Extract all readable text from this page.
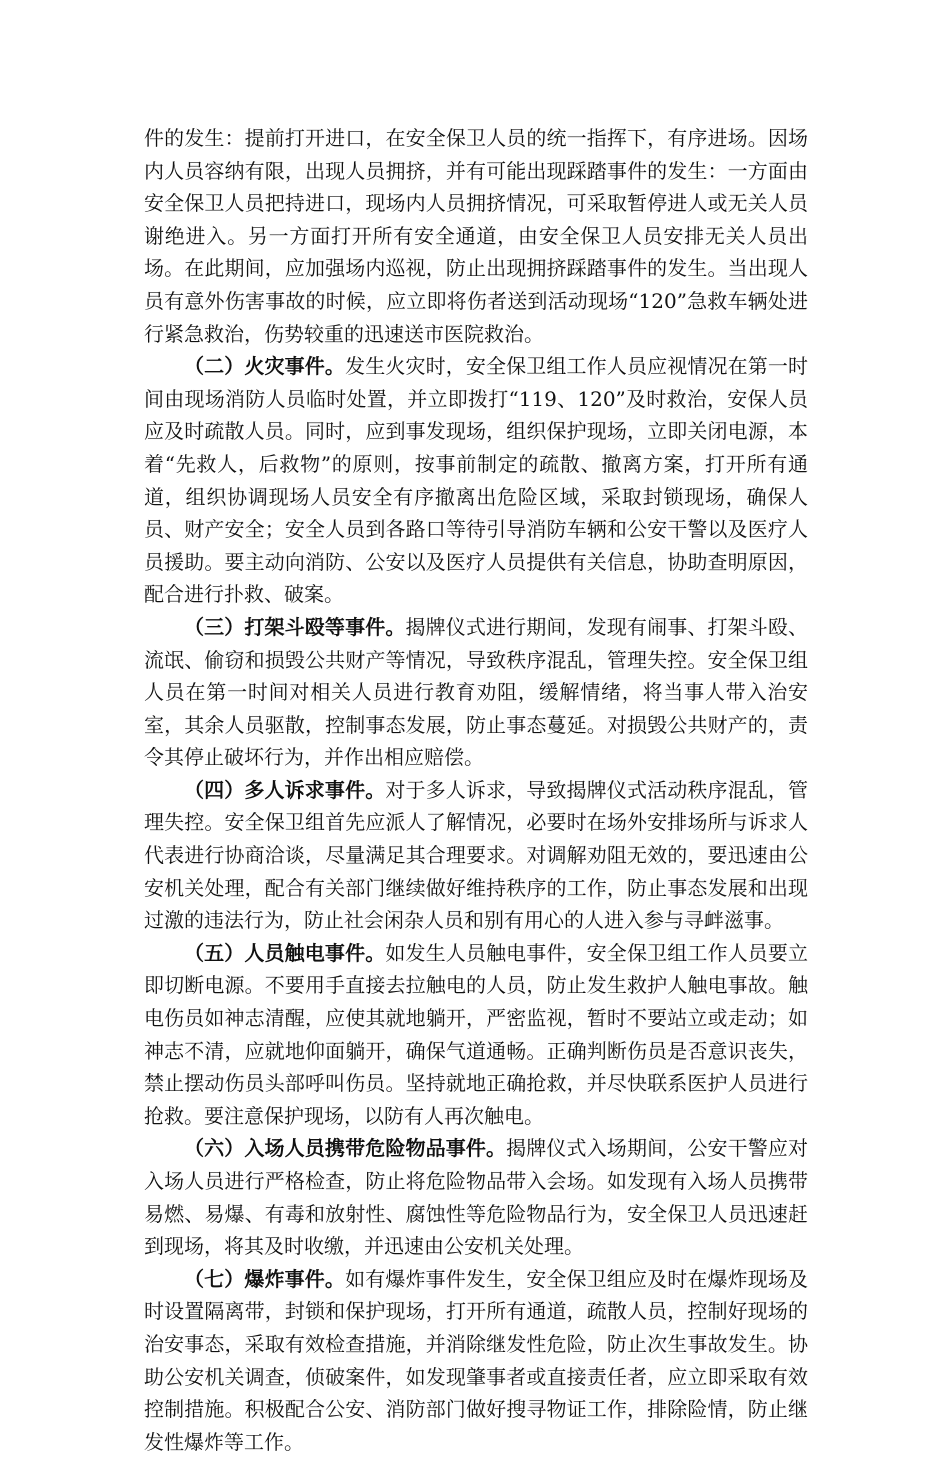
件的发生：提前打开进口，在安全保卫人员的统一指挥下，有序进场。因场内人员容纳有限，出现人员拥挤，并有可能出现踩踏事件的发生：一方面由安全保卫人员把持进口，现场内人员拥挤情况，可采取暂停进人或无关人员谢绝进入。另一方面打开所有安全通道，由安全保卫人员安排无关人员出场。在此期间，应加强场内巡视，防止出现拥挤踩踏事件的发生。当出现人员有意外伤害事故的时候，应立即将伤者送到活动现场“120”急救车辆处进行紧急救治，伤势较重的迅速送市医院救治。

（二）火灾事件。发生火灾时，安全保卫组工作人员应视情况在第一时间由现场消防人员临时处置，并立即拨打“119、120”及时救治，安保人员应及时疏散人员。同时，应到事发现场，组织保护现场，立即关闭电源，本着“先救人，后救物”的原则，按事前制定的疏散、撤离方案，打开所有通道，组织协调现场人员安全有序撤离出危险区域，采取封锁现场，确保人员、财产安全；安全人员到各路口等待引导消防车辆和公安干警以及医疗人员援助。要主动向消防、公安以及医疗人员提供有关信息，协助查明原因，配合进行扑救、破案。

（三）打架斗殴等事件。揭牌仪式进行期间，发现有闹事、打架斗殴、流氓、偷窃和损毁公共财产等情况，导致秩序混乱，管理失控。安全保卫组人员在第一时间对相关人员进行教育劝阻，缓解情绪，将当事人带入治安室，其余人员驱散，控制事态发展，防止事态蔓延。对损毁公共财产的，责令其停止破坏行为，并作出相应赔偿。

（四）多人诉求事件。对于多人诉求，导致揭牌仪式活动秩序混乱，管理失控。安全保卫组首先应派人了解情况，必要时在场外安排场所与诉求人代表进行协商洽谈，尽量满足其合理要求。对调解劝阻无效的，要迅速由公安机关处理，配合有关部门继续做好维持秩序的工作，防止事态发展和出现过激的违法行为，防止社会闲杂人员和别有用心的人进入参与寻衅滋事。

（五）人员触电事件。如发生人员触电事件，安全保卫组工作人员要立即切断电源。不要用手直接去拉触电的人员，防止发生救护人触电事故。触电伤员如神志清醒，应使其就地躺开，严密监视，暂时不要站立或走动；如神志不清，应就地仰面躺开，确保气道通畅。正确判断伤员是否意识丧失，禁止摆动伤员头部呼叫伤员。坚持就地正确抢救，并尽快联系医护人员进行抢救。要注意保护现场，以防有人再次触电。

（六）入场人员携带危险物品事件。揭牌仪式入场期间，公安干警应对入场人员进行严格检查，防止将危险物品带入会场。如发现有入场人员携带易燃、易爆、有毒和放射性、腐蚀性等危险物品行为，安全保卫人员迅速赶到现场，将其及时收缴，并迅速由公安机关处理。

（七）爆炸事件。如有爆炸事件发生，安全保卫组应及时在爆炸现场及时设置隔离带，封锁和保护现场，打开所有通道，疏散人员，控制好现场的治安事态，采取有效检查措施，并消除继发性危险，防止次生事故发生。协助公安机关调查，侦破案件，如发现肇事者或直接责任者，应立即采取有效控制措施。积极配合公安、消防部门做好搜寻物证工作，排除险情，防止继发性爆炸等工作。
